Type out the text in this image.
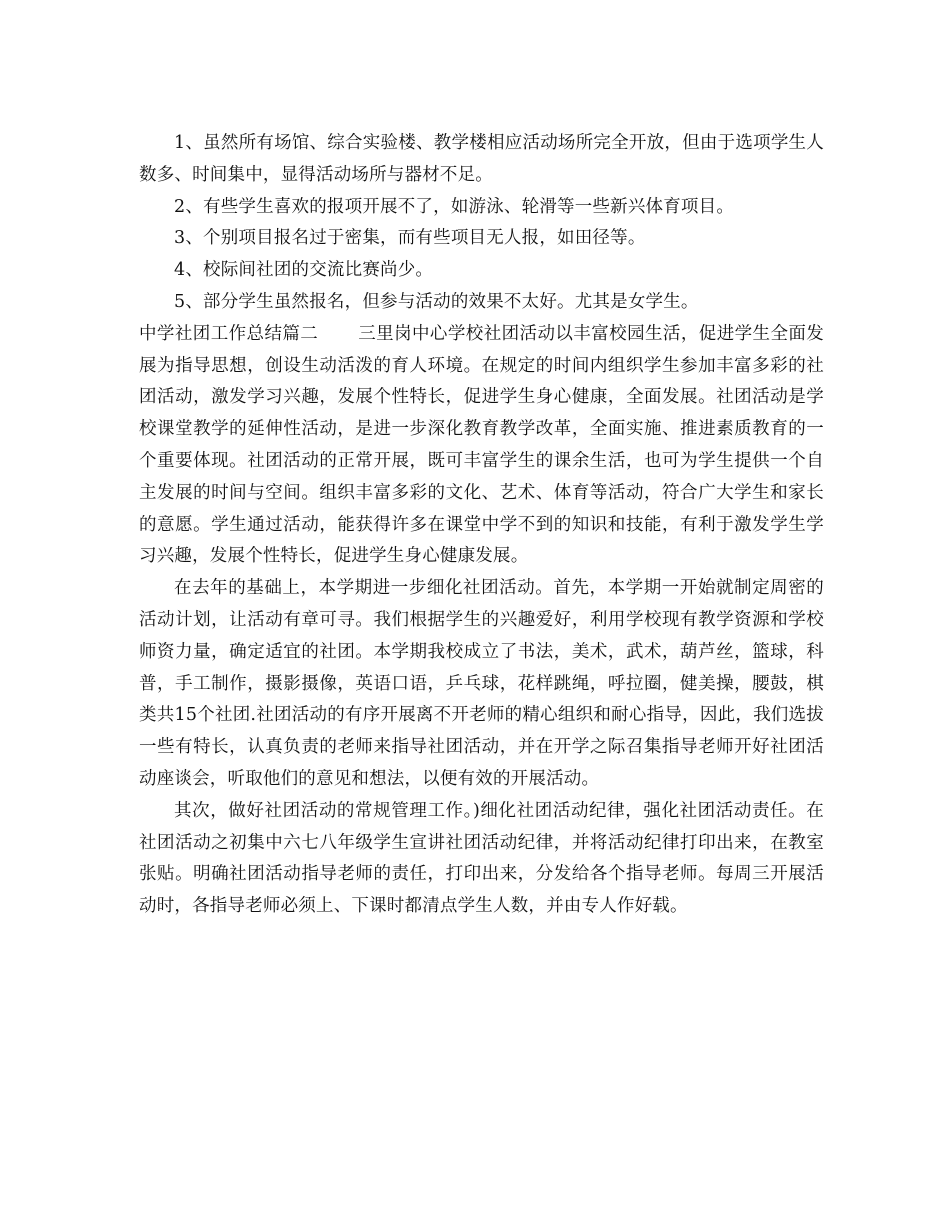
1、虽然所有场馆、综合实验楼、教学楼相应活动场所完全开放，但由于选项学生人数多、时间集中，显得活动场所与器材不足。

2、有些学生喜欢的报项开展不了，如游泳、轮滑等一些新兴体育项目。

3、个别项目报名过于密集，而有些项目无人报，如田径等。

4、校际间社团的交流比赛尚少。

5、部分学生虽然报名，但参与活动的效果不太好。尤其是女学生。

中学社团工作总结篇二 三里岗中心学校社团活动以丰富校园生活，促进学生全面发展为指导思想，创设生动活泼的育人环境。在规定的时间内组织学生参加丰富多彩的社团活动，激发学习兴趣，发展个性特长，促进学生身心健康，全面发展。社团活动是学校课堂教学的延伸性活动，是进一步深化教育教学改革，全面实施、推进素质教育的一个重要体现。社团活动的正常开展，既可丰富学生的课余生活，也可为学生提供一个自主发展的时间与空间。组织丰富多彩的文化、艺术、体育等活动，符合广大学生和家长的意愿。学生通过活动，能获得许多在课堂中学不到的知识和技能，有利于激发学生学习兴趣，发展个性特长，促进学生身心健康发展。

在去年的基础上，本学期进一步细化社团活动。首先，本学期一开始就制定周密的活动计划，让活动有章可寻。我们根据学生的兴趣爱好，利用学校现有教学资源和学校师资力量，确定适宜的社团。本学期我校成立了书法，美术，武术，葫芦丝，篮球，科普，手工制作，摄影摄像，英语口语，乒乓球，花样跳绳，呼拉圈，健美操，腰鼓，棋类共15个社团.社团活动的有序开展离不开老师的精心组织和耐心指导，因此，我们选拔一些有特长，认真负责的老师来指导社团活动，并在开学之际召集指导老师开好社团活动座谈会，听取他们的意见和想法，以便有效的开展活动。

其次，做好社团活动的常规管理工作。)细化社团活动纪律，强化社团活动责任。在社团活动之初集中六七八年级学生宣讲社团活动纪律，并将活动纪律打印出来，在教室张贴。明确社团活动指导老师的责任，打印出来，分发给各个指导老师。每周三开展活动时，各指导老师必须上、下课时都清点学生人数，并由专人作好载。
